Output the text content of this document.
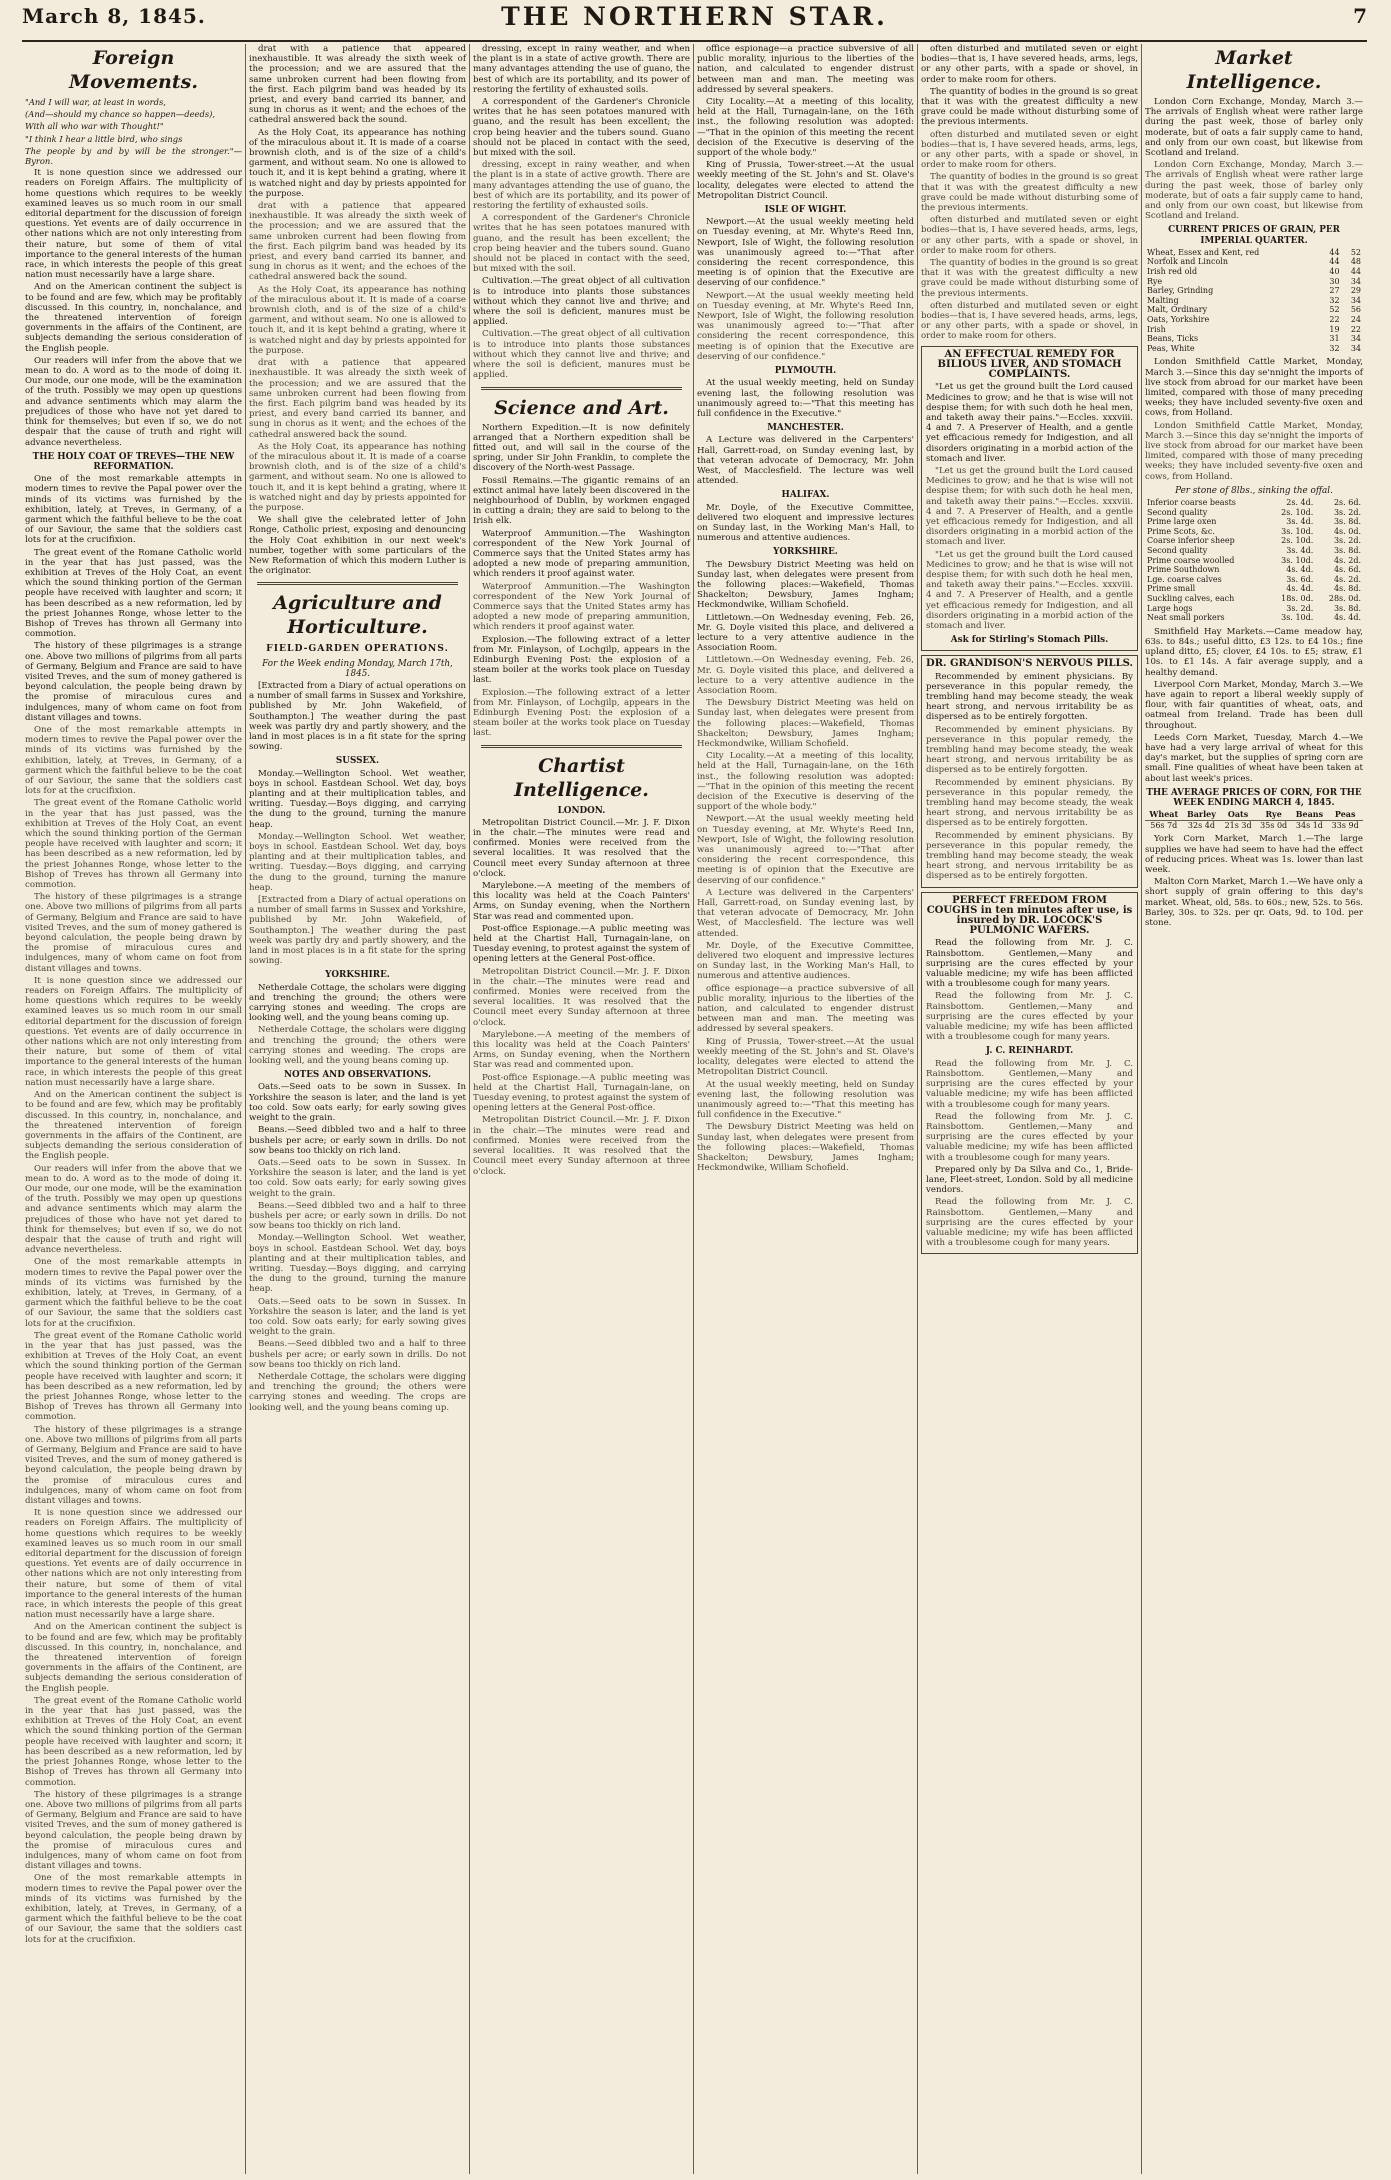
March 8, 1845.	THE NORTHERN STAR.	7
Foreign Movements.

"And I will war, at least in words,

(And—should my chance so happen—deeds),

With all who war with Thought!"

"I think I hear a little bird, who sings

The people by and by will be the stronger."—Byron.

It is none question since we addressed our readers on Foreign Affairs. The multiplicity of home questions which requires to be weekly examined leaves us so much room in our small editorial department for the discussion of foreign questions. Yet events are of daily occurrence in other nations which are not only interesting from their nature, but some of them of vital importance to the general interests of the human race, in which interests the people of this great nation must necessarily have a large share.

And on the American continent the subject is to be found and are few, which may be profitably discussed. In this country, in, nonchalance, and the threatened intervention of foreign governments in the affairs of the Continent, are subjects demanding the serious consideration of the English people.

Our readers will infer from the above that we mean to do. A word as to the mode of doing it. Our mode, our one mode, will be the examination of the truth. Possibly we may open up questions and advance sentiments which may alarm the prejudices of those who have not yet dared to think for themselves; but even if so, we do not despair that the cause of truth and right will advance nevertheless.

THE HOLY COAT OF TREVES—THE NEW REFORMATION.

One of the most remarkable attempts in modern times to revive the Papal power over the minds of its victims was furnished by the exhibition, lately, at Treves, in Germany, of a garment which the faithful believe to be the coat of our Saviour, the same that the soldiers cast lots for at the crucifixion.

The great event of the Romane Catholic world in the year that has just passed, was the exhibition at Treves of the Holy Coat, an event which the sound thinking portion of the German people have received with laughter and scorn; it has been described as a new reformation, led by the priest Johannes Ronge, whose letter to the Bishop of Treves has thrown all Germany into commotion.

The history of these pilgrimages is a strange one. Above two millions of pilgrims from all parts of Germany, Belgium and France are said to have visited Treves, and the sum of money gathered is beyond calculation, the people being drawn by the promise of miraculous cures and indulgences, many of whom came on foot from distant villages and towns.

One of the most remarkable attempts in modern times to revive the Papal power over the minds of its victims was furnished by the exhibition, lately, at Treves, in Germany, of a garment which the faithful believe to be the coat of our Saviour, the same that the soldiers cast lots for at the crucifixion.

The great event of the Romane Catholic world in the year that has just passed, was the exhibition at Treves of the Holy Coat, an event which the sound thinking portion of the German people have received with laughter and scorn; it has been described as a new reformation, led by the priest Johannes Ronge, whose letter to the Bishop of Treves has thrown all Germany into commotion.

The history of these pilgrimages is a strange one. Above two millions of pilgrims from all parts of Germany, Belgium and France are said to have visited Treves, and the sum of money gathered is beyond calculation, the people being drawn by the promise of miraculous cures and indulgences, many of whom came on foot from distant villages and towns.

It is none question since we addressed our readers on Foreign Affairs. The multiplicity of home questions which requires to be weekly examined leaves us so much room in our small editorial department for the discussion of foreign questions. Yet events are of daily occurrence in other nations which are not only interesting from their nature, but some of them of vital importance to the general interests of the human race, in which interests the people of this great nation must necessarily have a large share.

And on the American continent the subject is to be found and are few, which may be profitably discussed. In this country, in, nonchalance, and the threatened intervention of foreign governments in the affairs of the Continent, are subjects demanding the serious consideration of the English people.

Our readers will infer from the above that we mean to do. A word as to the mode of doing it. Our mode, our one mode, will be the examination of the truth. Possibly we may open up questions and advance sentiments which may alarm the prejudices of those who have not yet dared to think for themselves; but even if so, we do not despair that the cause of truth and right will advance nevertheless.

One of the most remarkable attempts in modern times to revive the Papal power over the minds of its victims was furnished by the exhibition, lately, at Treves, in Germany, of a garment which the faithful believe to be the coat of our Saviour, the same that the soldiers cast lots for at the crucifixion.

The great event of the Romane Catholic world in the year that has just passed, was the exhibition at Treves of the Holy Coat, an event which the sound thinking portion of the German people have received with laughter and scorn; it has been described as a new reformation, led by the priest Johannes Ronge, whose letter to the Bishop of Treves has thrown all Germany into commotion.

The history of these pilgrimages is a strange one. Above two millions of pilgrims from all parts of Germany, Belgium and France are said to have visited Treves, and the sum of money gathered is beyond calculation, the people being drawn by the promise of miraculous cures and indulgences, many of whom came on foot from distant villages and towns.

It is none question since we addressed our readers on Foreign Affairs. The multiplicity of home questions which requires to be weekly examined leaves us so much room in our small editorial department for the discussion of foreign questions. Yet events are of daily occurrence in other nations which are not only interesting from their nature, but some of them of vital importance to the general interests of the human race, in which interests the people of this great nation must necessarily have a large share.

And on the American continent the subject is to be found and are few, which may be profitably discussed. In this country, in, nonchalance, and the threatened intervention of foreign governments in the affairs of the Continent, are subjects demanding the serious consideration of the English people.

The great event of the Romane Catholic world in the year that has just passed, was the exhibition at Treves of the Holy Coat, an event which the sound thinking portion of the German people have received with laughter and scorn; it has been described as a new reformation, led by the priest Johannes Ronge, whose letter to the Bishop of Treves has thrown all Germany into commotion.

The history of these pilgrimages is a strange one. Above two millions of pilgrims from all parts of Germany, Belgium and France are said to have visited Treves, and the sum of money gathered is beyond calculation, the people being drawn by the promise of miraculous cures and indulgences, many of whom came on foot from distant villages and towns.

One of the most remarkable attempts in modern times to revive the Papal power over the minds of its victims was furnished by the exhibition, lately, at Treves, in Germany, of a garment which the faithful believe to be the coat of our Saviour, the same that the soldiers cast lots for at the crucifixion.

drat with a patience that appeared inexhaustible. It was already the sixth week of the procession; and we are assured that the same unbroken current had been flowing from the first. Each pilgrim band was headed by its priest, and every band carried its banner, and sung in chorus as it went; and the echoes of the cathedral answered back the sound.

As the Holy Coat, its appearance has nothing of the miraculous about it. It is made of a coarse brownish cloth, and is of the size of a child's garment, and without seam. No one is allowed to touch it, and it is kept behind a grating, where it is watched night and day by priests appointed for the purpose.

drat with a patience that appeared inexhaustible. It was already the sixth week of the procession; and we are assured that the same unbroken current had been flowing from the first. Each pilgrim band was headed by its priest, and every band carried its banner, and sung in chorus as it went; and the echoes of the cathedral answered back the sound.

As the Holy Coat, its appearance has nothing of the miraculous about it. It is made of a coarse brownish cloth, and is of the size of a child's garment, and without seam. No one is allowed to touch it, and it is kept behind a grating, where it is watched night and day by priests appointed for the purpose.

drat with a patience that appeared inexhaustible. It was already the sixth week of the procession; and we are assured that the same unbroken current had been flowing from the first. Each pilgrim band was headed by its priest, and every band carried its banner, and sung in chorus as it went; and the echoes of the cathedral answered back the sound.

As the Holy Coat, its appearance has nothing of the miraculous about it. It is made of a coarse brownish cloth, and is of the size of a child's garment, and without seam. No one is allowed to touch it, and it is kept behind a grating, where it is watched night and day by priests appointed for the purpose.

We shall give the celebrated letter of John Ronge, Catholic priest, exposing and denouncing the Holy Coat exhibition in our next week's number, together with some particulars of the New Reformation of which this modern Luther is the originator.

Agriculture and Horticulture.
FIELD-GARDEN OPERATIONS.
For the Week ending Monday, March 17th, 1845.

[Extracted from a Diary of actual operations on a number of small farms in Sussex and Yorkshire, published by Mr. John Wakefield, of Southampton.] The weather during the past week was partly dry and partly showery, and the land in most places is in a fit state for the spring sowing.

SUSSEX.

Monday.—Wellington School. Wet weather, boys in school. Eastdean School. Wet day, boys planting and at their multiplication tables, and writing. Tuesday.—Boys digging, and carrying the dung to the ground, turning the manure heap.

Monday.—Wellington School. Wet weather, boys in school. Eastdean School. Wet day, boys planting and at their multiplication tables, and writing. Tuesday.—Boys digging, and carrying the dung to the ground, turning the manure heap.

[Extracted from a Diary of actual operations on a number of small farms in Sussex and Yorkshire, published by Mr. John Wakefield, of Southampton.] The weather during the past week was partly dry and partly showery, and the land in most places is in a fit state for the spring sowing.

YORKSHIRE.

Netherdale Cottage, the scholars were digging and trenching the ground; the others were carrying stones and weeding. The crops are looking well, and the young beans coming up.

Netherdale Cottage, the scholars were digging and trenching the ground; the others were carrying stones and weeding. The crops are looking well, and the young beans coming up.

NOTES AND OBSERVATIONS.

Oats.—Seed oats to be sown in Sussex. In Yorkshire the season is later, and the land is yet too cold. Sow oats early; for early sowing gives weight to the grain.

Beans.—Seed dibbled two and a half to three bushels per acre; or early sown in drills. Do not sow beans too thickly on rich land.

Oats.—Seed oats to be sown in Sussex. In Yorkshire the season is later, and the land is yet too cold. Sow oats early; for early sowing gives weight to the grain.

Beans.—Seed dibbled two and a half to three bushels per acre; or early sown in drills. Do not sow beans too thickly on rich land.

Monday.—Wellington School. Wet weather, boys in school. Eastdean School. Wet day, boys planting and at their multiplication tables, and writing. Tuesday.—Boys digging, and carrying the dung to the ground, turning the manure heap.

Oats.—Seed oats to be sown in Sussex. In Yorkshire the season is later, and the land is yet too cold. Sow oats early; for early sowing gives weight to the grain.

Beans.—Seed dibbled two and a half to three bushels per acre; or early sown in drills. Do not sow beans too thickly on rich land.

Netherdale Cottage, the scholars were digging and trenching the ground; the others were carrying stones and weeding. The crops are looking well, and the young beans coming up.

dressing, except in rainy weather, and when the plant is in a state of active growth. There are many advantages attending the use of guano, the best of which are its portability, and its power of restoring the fertility of exhausted soils.

A correspondent of the Gardener's Chronicle writes that he has seen potatoes manured with guano, and the result has been excellent; the crop being heavier and the tubers sound. Guano should not be placed in contact with the seed, but mixed with the soil.

dressing, except in rainy weather, and when the plant is in a state of active growth. There are many advantages attending the use of guano, the best of which are its portability, and its power of restoring the fertility of exhausted soils.

A correspondent of the Gardener's Chronicle writes that he has seen potatoes manured with guano, and the result has been excellent; the crop being heavier and the tubers sound. Guano should not be placed in contact with the seed, but mixed with the soil.

Cultivation.—The great object of all cultivation is to introduce into plants those substances without which they cannot live and thrive; and where the soil is deficient, manures must be applied.

Cultivation.—The great object of all cultivation is to introduce into plants those substances without which they cannot live and thrive; and where the soil is deficient, manures must be applied.

Science and Art.

Northern Expedition.—It is now definitely arranged that a Northern expedition shall be fitted out, and will sail in the course of the spring, under Sir John Franklin, to complete the discovery of the North-west Passage.

Fossil Remains.—The gigantic remains of an extinct animal have lately been discovered in the neighbourhood of Dublin, by workmen engaged in cutting a drain; they are said to belong to the Irish elk.

Waterproof Ammunition.—The Washington correspondent of the New York Journal of Commerce says that the United States army has adopted a new mode of preparing ammunition, which renders it proof against water.

Waterproof Ammunition.—The Washington correspondent of the New York Journal of Commerce says that the United States army has adopted a new mode of preparing ammunition, which renders it proof against water.

Explosion.—The following extract of a letter from Mr. Finlayson, of Lochgilp, appears in the Edinburgh Evening Post: the explosion of a steam boiler at the works took place on Tuesday last.

Explosion.—The following extract of a letter from Mr. Finlayson, of Lochgilp, appears in the Edinburgh Evening Post: the explosion of a steam boiler at the works took place on Tuesday last.

Chartist Intelligence.
LONDON.

Metropolitan District Council.—Mr. J. F. Dixon in the chair.—The minutes were read and confirmed. Monies were received from the several localities. It was resolved that the Council meet every Sunday afternoon at three o'clock.

Marylebone.—A meeting of the members of this locality was held at the Coach Painters' Arms, on Sunday evening, when the Northern Star was read and commented upon.

Post-office Espionage.—A public meeting was held at the Chartist Hall, Turnagain-lane, on Tuesday evening, to protest against the system of opening letters at the General Post-office.

Metropolitan District Council.—Mr. J. F. Dixon in the chair.—The minutes were read and confirmed. Monies were received from the several localities. It was resolved that the Council meet every Sunday afternoon at three o'clock.

Marylebone.—A meeting of the members of this locality was held at the Coach Painters' Arms, on Sunday evening, when the Northern Star was read and commented upon.

Post-office Espionage.—A public meeting was held at the Chartist Hall, Turnagain-lane, on Tuesday evening, to protest against the system of opening letters at the General Post-office.

Metropolitan District Council.—Mr. J. F. Dixon in the chair.—The minutes were read and confirmed. Monies were received from the several localities. It was resolved that the Council meet every Sunday afternoon at three o'clock.

office espionage—a practice subversive of all public morality, injurious to the liberties of the nation, and calculated to engender distrust between man and man. The meeting was addressed by several speakers.

City Locality.—At a meeting of this locality, held at the Hall, Turnagain-lane, on the 16th inst., the following resolution was adopted:—"That in the opinion of this meeting the recent decision of the Executive is deserving of the support of the whole body."

King of Prussia, Tower-street.—At the usual weekly meeting of the St. John's and St. Olave's locality, delegates were elected to attend the Metropolitan District Council.

ISLE OF WIGHT.

Newport.—At the usual weekly meeting held on Tuesday evening, at Mr. Whyte's Reed Inn, Newport, Isle of Wight, the following resolution was unanimously agreed to:—"That after considering the recent correspondence, this meeting is of opinion that the Executive are deserving of our confidence."

Newport.—At the usual weekly meeting held on Tuesday evening, at Mr. Whyte's Reed Inn, Newport, Isle of Wight, the following resolution was unanimously agreed to:—"That after considering the recent correspondence, this meeting is of opinion that the Executive are deserving of our confidence."

PLYMOUTH.

At the usual weekly meeting, held on Sunday evening last, the following resolution was unanimously agreed to:—"That this meeting has full confidence in the Executive."

MANCHESTER.

A Lecture was delivered in the Carpenters' Hall, Garrett-road, on Sunday evening last, by that veteran advocate of Democracy, Mr. John West, of Macclesfield. The lecture was well attended.

HALIFAX.

Mr. Doyle, of the Executive Committee, delivered two eloquent and impressive lectures on Sunday last, in the Working Man's Hall, to numerous and attentive audiences.

YORKSHIRE.

The Dewsbury District Meeting was held on Sunday last, when delegates were present from the following places:—Wakefield, Thomas Shackelton; Dewsbury, James Ingham; Heckmondwike, William Schofield.

Littletown.—On Wednesday evening, Feb. 26, Mr. G. Doyle visited this place, and delivered a lecture to a very attentive audience in the Association Room.

Littletown.—On Wednesday evening, Feb. 26, Mr. G. Doyle visited this place, and delivered a lecture to a very attentive audience in the Association Room.

The Dewsbury District Meeting was held on Sunday last, when delegates were present from the following places:—Wakefield, Thomas Shackelton; Dewsbury, James Ingham; Heckmondwike, William Schofield.

City Locality.—At a meeting of this locality, held at the Hall, Turnagain-lane, on the 16th inst., the following resolution was adopted:—"That in the opinion of this meeting the recent decision of the Executive is deserving of the support of the whole body."

Newport.—At the usual weekly meeting held on Tuesday evening, at Mr. Whyte's Reed Inn, Newport, Isle of Wight, the following resolution was unanimously agreed to:—"That after considering the recent correspondence, this meeting is of opinion that the Executive are deserving of our confidence."

A Lecture was delivered in the Carpenters' Hall, Garrett-road, on Sunday evening last, by that veteran advocate of Democracy, Mr. John West, of Macclesfield. The lecture was well attended.

Mr. Doyle, of the Executive Committee, delivered two eloquent and impressive lectures on Sunday last, in the Working Man's Hall, to numerous and attentive audiences.

office espionage—a practice subversive of all public morality, injurious to the liberties of the nation, and calculated to engender distrust between man and man. The meeting was addressed by several speakers.

King of Prussia, Tower-street.—At the usual weekly meeting of the St. John's and St. Olave's locality, delegates were elected to attend the Metropolitan District Council.

At the usual weekly meeting, held on Sunday evening last, the following resolution was unanimously agreed to:—"That this meeting has full confidence in the Executive."

The Dewsbury District Meeting was held on Sunday last, when delegates were present from the following places:—Wakefield, Thomas Shackelton; Dewsbury, James Ingham; Heckmondwike, William Schofield.

often disturbed and mutilated seven or eight bodies—that is, I have severed heads, arms, legs, or any other parts, with a spade or shovel, in order to make room for others.

The quantity of bodies in the ground is so great that it was with the greatest difficulty a new grave could be made without disturbing some of the previous interments.

often disturbed and mutilated seven or eight bodies—that is, I have severed heads, arms, legs, or any other parts, with a spade or shovel, in order to make room for others.

The quantity of bodies in the ground is so great that it was with the greatest difficulty a new grave could be made without disturbing some of the previous interments.

often disturbed and mutilated seven or eight bodies—that is, I have severed heads, arms, legs, or any other parts, with a spade or shovel, in order to make room for others.

The quantity of bodies in the ground is so great that it was with the greatest difficulty a new grave could be made without disturbing some of the previous interments.

often disturbed and mutilated seven or eight bodies—that is, I have severed heads, arms, legs, or any other parts, with a spade or shovel, in order to make room for others.

AN EFFECTUAL REMEDY FOR BILIOUS LIVER, AND STOMACH COMPLAINTS.

"Let us get the ground built the Lord caused Medicines to grow; and he that is wise will not despise them; for with such doth he heal men, and taketh away their pains."—Eccles. xxxviii. 4 and 7. A Preserver of Health, and a gentle yet efficacious remedy for Indigestion, and all disorders originating in a morbid action of the stomach and liver.

"Let us get the ground built the Lord caused Medicines to grow; and he that is wise will not despise them; for with such doth he heal men, and taketh away their pains."—Eccles. xxxviii. 4 and 7. A Preserver of Health, and a gentle yet efficacious remedy for Indigestion, and all disorders originating in a morbid action of the stomach and liver.

"Let us get the ground built the Lord caused Medicines to grow; and he that is wise will not despise them; for with such doth he heal men, and taketh away their pains."—Eccles. xxxviii. 4 and 7. A Preserver of Health, and a gentle yet efficacious remedy for Indigestion, and all disorders originating in a morbid action of the stomach and liver.

Ask for Stirling's Stomach Pills.
DR. GRANDISON'S NERVOUS PILLS.

Recommended by eminent physicians. By perseverance in this popular remedy, the trembling hand may become steady, the weak heart strong, and nervous irritability be as dispersed as to be entirely forgotten.

Recommended by eminent physicians. By perseverance in this popular remedy, the trembling hand may become steady, the weak heart strong, and nervous irritability be as dispersed as to be entirely forgotten.

Recommended by eminent physicians. By perseverance in this popular remedy, the trembling hand may become steady, the weak heart strong, and nervous irritability be as dispersed as to be entirely forgotten.

Recommended by eminent physicians. By perseverance in this popular remedy, the trembling hand may become steady, the weak heart strong, and nervous irritability be as dispersed as to be entirely forgotten.

PERFECT FREEDOM FROM COUGHS in ten minutes after use, is insured by DR. LOCOCK'S PULMONIC WAFERS.

Read the following from Mr. J. C. Rainsbottom. Gentlemen,—Many and surprising are the cures effected by your valuable medicine; my wife has been afflicted with a troublesome cough for many years.

Read the following from Mr. J. C. Rainsbottom. Gentlemen,—Many and surprising are the cures effected by your valuable medicine; my wife has been afflicted with a troublesome cough for many years.

J. C. REINHARDT.

Read the following from Mr. J. C. Rainsbottom. Gentlemen,—Many and surprising are the cures effected by your valuable medicine; my wife has been afflicted with a troublesome cough for many years.

Read the following from Mr. J. C. Rainsbottom. Gentlemen,—Many and surprising are the cures effected by your valuable medicine; my wife has been afflicted with a troublesome cough for many years.

Prepared only by Da Silva and Co., 1, Bride-lane, Fleet-street, London. Sold by all medicine vendors.

Read the following from Mr. J. C. Rainsbottom. Gentlemen,—Many and surprising are the cures effected by your valuable medicine; my wife has been afflicted with a troublesome cough for many years.

Market Intelligence.

London Corn Exchange, Monday, March 3.—The arrivals of English wheat were rather large during the past week, those of barley only moderate, but of oats a fair supply came to hand, and only from our own coast, but likewise from Scotland and Ireland.

London Corn Exchange, Monday, March 3.—The arrivals of English wheat were rather large during the past week, those of barley only moderate, but of oats a fair supply came to hand, and only from our own coast, but likewise from Scotland and Ireland.

CURRENT PRICES OF GRAIN, PER IMPERIAL QUARTER.
Wheat, Essex and Kent, red	44	52
Norfolk and Lincoln	44	48
Irish red old	40	44
Rye	30	34
Barley, Grinding	27	29
Malting	32	34
Malt, Ordinary	52	56
Oats, Yorkshire	22	24
Irish	19	22
Beans, Ticks	31	34
Peas, White	32	34

London Smithfield Cattle Market, Monday, March 3.—Since this day se'nnight the imports of live stock from abroad for our market have been limited, compared with those of many preceding weeks; they have included seventy-five oxen and cows, from Holland.

London Smithfield Cattle Market, Monday, March 3.—Since this day se'nnight the imports of live stock from abroad for our market have been limited, compared with those of many preceding weeks; they have included seventy-five oxen and cows, from Holland.

Per stone of 8lbs., sinking the offal.
Inferior coarse beasts	2s. 4d.	2s. 6d.
Second quality	2s. 10d.	3s. 2d.
Prime large oxen	3s. 4d.	3s. 8d.
Prime Scots, &c.	3s. 10d.	4s. 0d.
Coarse inferior sheep	2s. 10d.	3s. 2d.
Second quality	3s. 4d.	3s. 8d.
Prime coarse woolled	3s. 10d.	4s. 2d.
Prime Southdown	4s. 4d.	4s. 6d.
Lge. coarse calves	3s. 6d.	4s. 2d.
Prime small	4s. 4d.	4s. 8d.
Suckling calves, each	18s. 0d.	28s. 0d.
Large hogs	3s. 2d.	3s. 8d.
Neat small porkers	3s. 10d.	4s. 4d.

Smithfield Hay Markets.—Came meadow hay, 63s. to 84s.; useful ditto, £3 12s. to £4 10s.; fine upland ditto, £5; clover, £4 10s. to £5; straw, £1 10s. to £1 14s. A fair average supply, and a healthy demand.

Liverpool Corn Market, Monday, March 3.—We have again to report a liberal weekly supply of flour, with fair quantities of wheat, oats, and oatmeal from Ireland. Trade has been dull throughout.

Leeds Corn Market, Tuesday, March 4.—We have had a very large arrival of wheat for this day's market, but the supplies of spring corn are small. Fine qualities of wheat have been taken at about last week's prices.

THE AVERAGE PRICES OF CORN, FOR THE WEEK ENDING MARCH 4, 1845.
Wheat	Barley	Oats	Rye	Beans	Peas
56s 7d	32s 4d	21s 3d	35s 0d	34s 1d	33s 9d

York Corn Market, March 1.—The large supplies we have had seem to have had the effect of reducing prices. Wheat was 1s. lower than last week.

Malton Corn Market, March 1.—We have only a short supply of grain offering to this day's market. Wheat, old, 58s. to 60s.; new, 52s. to 56s. Barley, 30s. to 32s. per qr. Oats, 9d. to 10d. per stone.
